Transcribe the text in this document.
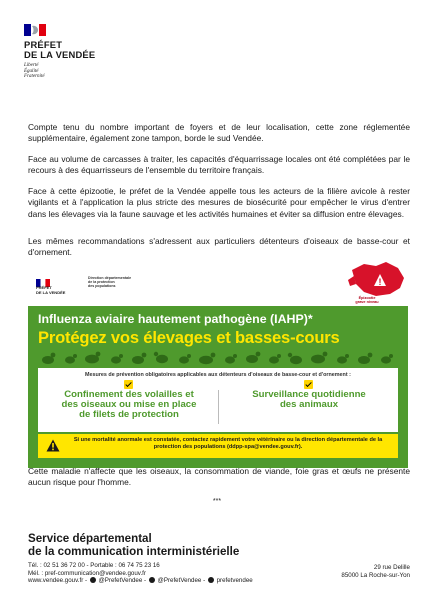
PRÉFET
DE LA VENDÉE
Liberté
Égalité
Fraternité

Compte tenu du nombre important de foyers et de leur localisation, cette zone réglementée supplémentaire, également zone tampon, borde le sud Vendée.

Face au volume de carcasses à traiter, les capacités d'équarrissage locales ont été complétées par le recours à des équarrisseurs de l'ensemble du territoire français.

Face à cette épizootie, le préfet de la Vendée appelle tous les acteurs de la filière avicole à rester vigilants et à l'application la plus stricte des mesures de biosécurité pour empêcher le virus d'entrer dans les élevages via la faune sauvage et les activités humaines et éviter sa diffusion entre élevages.

Les mêmes recommandations s'adressent aux particuliers détenteurs d'oiseaux de basse-cour et d'ornement.

PRÉFET
DE LA VENDÉE
Direction départementale
de la protection
des populations	!
Épizootie
grave niveau
Influenza aviaire hautement pathogène (IAHP)*
Protégez vos élevages et basses-cours
Mesures de prévention obligatoires applicables aux détenteurs d'oiseaux de basse-cour et d'ornement :
Confinement des volailles et
des oiseaux ou mise en place
de filets de protection
Surveillance quotidienne
des animaux
Si une mortalité anormale est constatée, contactez rapidement votre vétérinaire ou la direction départementale de la protection des populations (ddpp-spa@vendee.gouv.fr).

Cette maladie n'affecte que les oiseaux, la consommation de viande, foie gras et œufs ne présente aucun risque pour l'homme.

***
Service départemental
de la communication interministérielle
Tél. : 02 51 36 72 00 - Portable : 06 74 75 23 16
Mél. : pref-communication@vendee.gouv.fr
www.vendee.gouv.fr -  @PrefetVendee -  @PrefetVendee -  prefetvendee
29 rue Delille
85000 La Roche-sur-Yon
